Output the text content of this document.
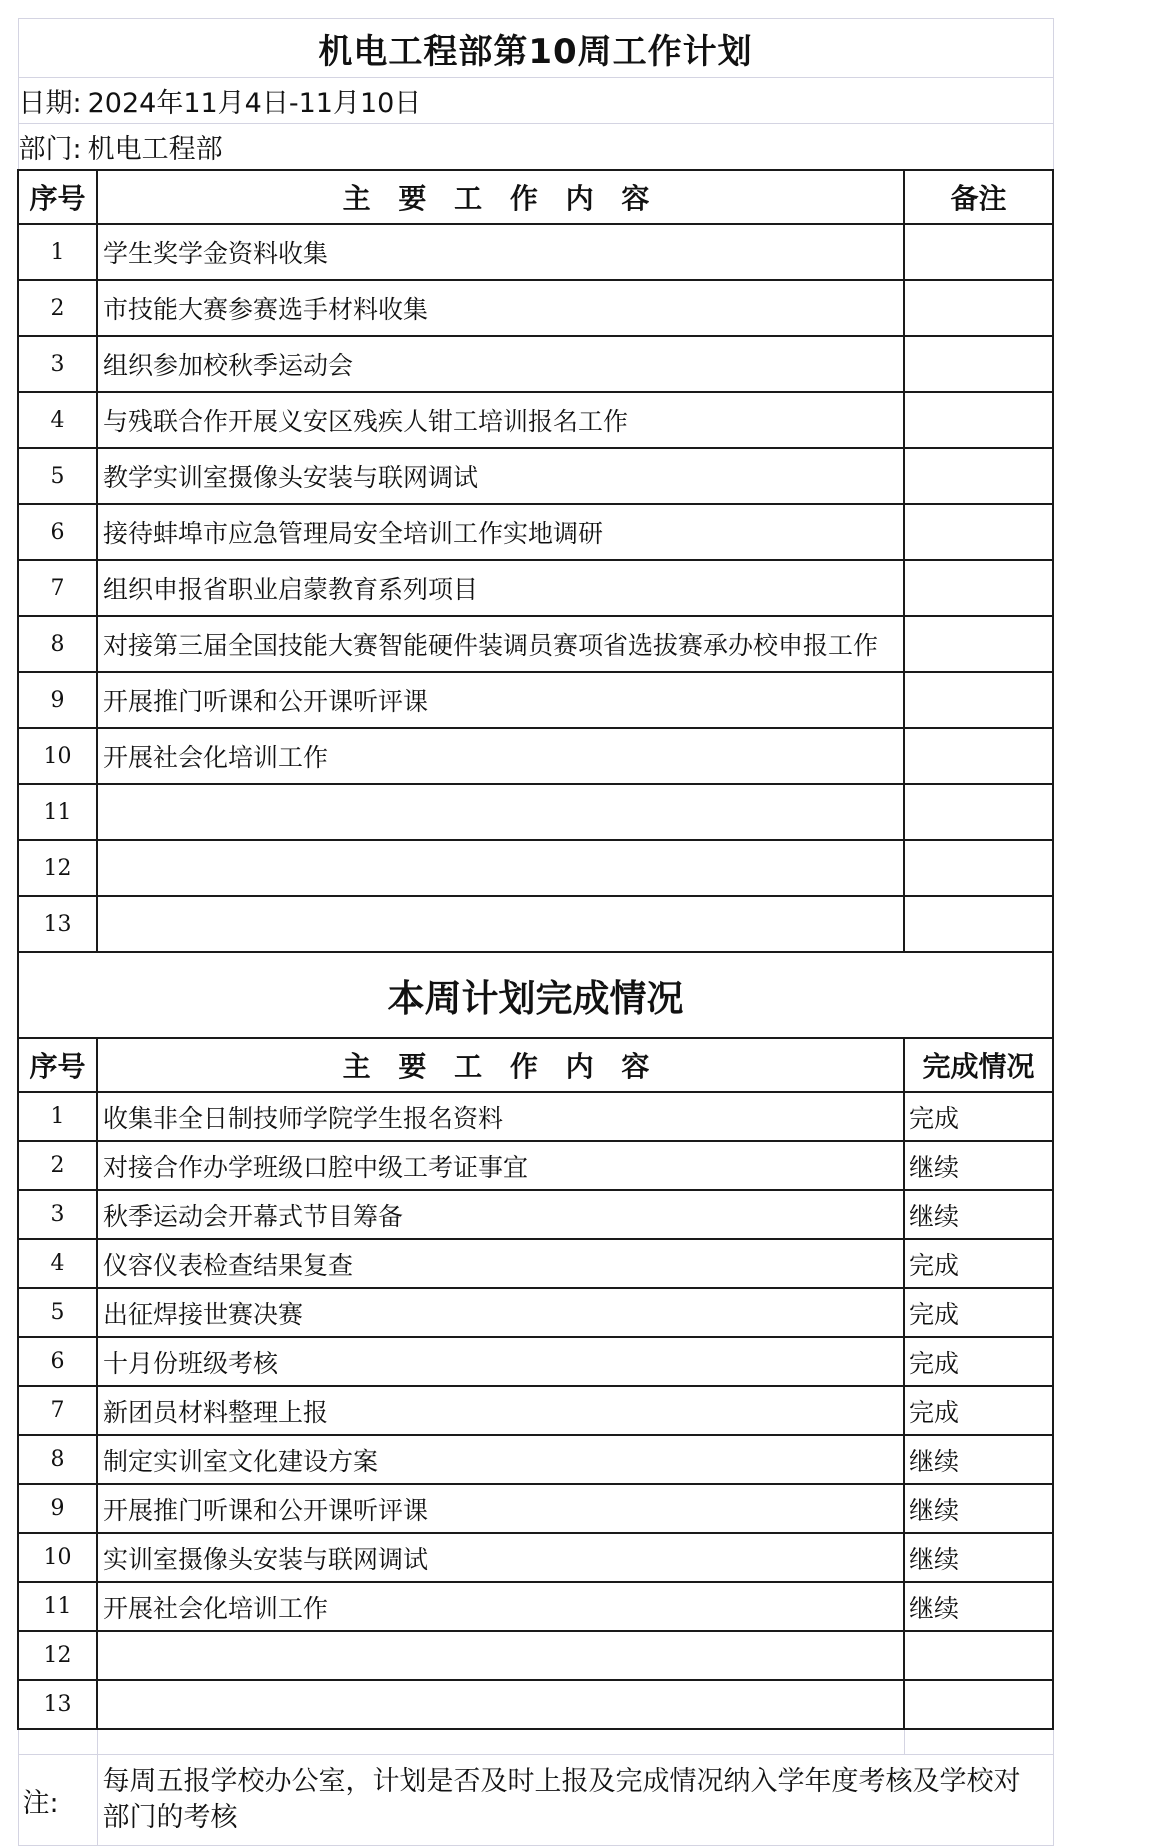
机电工程部第10周工作计划		
日期: 2024年11月4日-11月10日		
部门: 机电工程部		
序号	主 要 工 作 内 容	备注
1	学生奖学金资料收集	
2	市技能大赛参赛选手材料收集	
3	组织参加校秋季运动会	
4	与残联合作开展义安区残疾人钳工培训报名工作	
5	教学实训室摄像头安装与联网调试	
6	接待蚌埠市应急管理局安全培训工作实地调研	
7	组织申报省职业启蒙教育系列项目	
8	对接第三届全国技能大赛智能硬件装调员赛项省选拔赛承办校申报工作	
9	开展推门听课和公开课听评课	
10	开展社会化培训工作	
11		
12		
13		
本周计划完成情况		
序号	主 要 工 作 内 容	完成情况
1	收集非全日制技师学院学生报名资料	完成
2	对接合作办学班级口腔中级工考证事宜	继续
3	秋季运动会开幕式节目筹备	继续
4	仪容仪表检查结果复查	完成
5	出征焊接世赛决赛	完成
6	十月份班级考核	完成
7	新团员材料整理上报	完成
8	制定实训室文化建设方案	继续
9	开展推门听课和公开课听评课	继续
10	实训室摄像头安装与联网调试	继续
11	开展社会化培训工作	继续
12		
13		

注:	每周五报学校办公室，计划是否及时上报及完成情况纳入学年度考核及学校对部门的考核	
